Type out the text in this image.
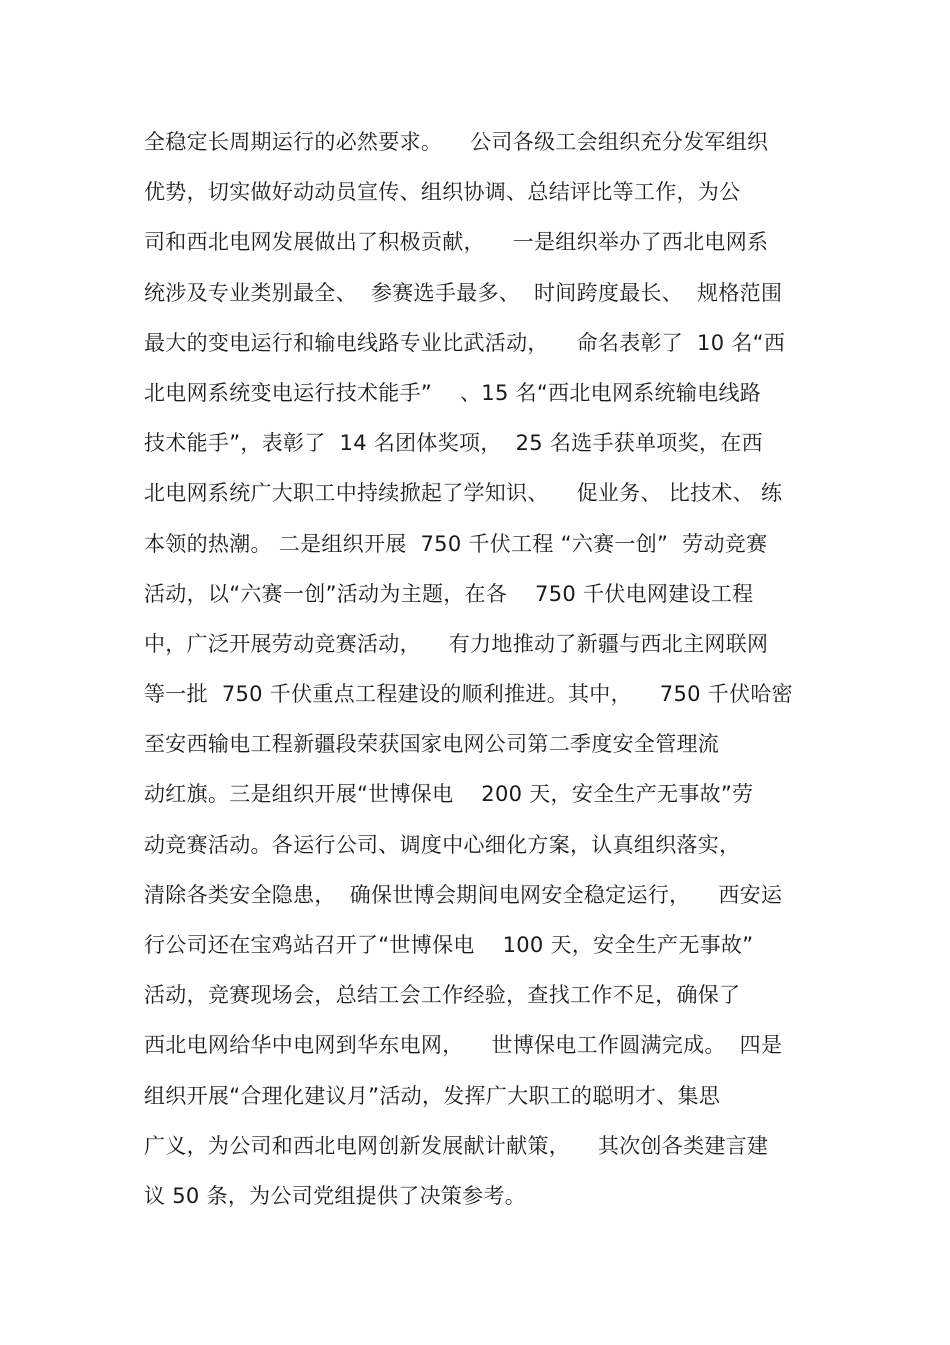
全稳定长周期运行的必然要求。    公司各级工会组织充分发军组织
优势，切实做好动动员宣传、组织协调、总结评比等工作，为公
司和西北电网发展做出了积极贡献，    一是组织举办了西北电网系
统涉及专业类别最全、  参赛选手最多、  时间跨度最长、  规格范围
最大的变电运行和输电线路专业比武活动，    命名表彰了  10 名“西
北电网系统变电运行技术能手”    、15 名“西北电网系统输电线路
技术能手”，表彰了  14 名团体奖项，  25 名选手获单项奖，在西
北电网系统广大职工中持续掀起了学知识、    促业务、 比技术、 练
本领的热潮。 二是组织开展  750 千伏工程 “六赛一创”  劳动竞赛
活动，以“六赛一创”活动为主题，在各    750 千伏电网建设工程
中，广泛开展劳动竞赛活动，    有力地推动了新疆与西北主网联网
等一批  750 千伏重点工程建设的顺利推进。其中，    750 千伏哈密
至安西输电工程新疆段荣获国家电网公司第二季度安全管理流
动红旗。三是组织开展“世博保电    200 天，安全生产无事故”劳
动竞赛活动。各运行公司、调度中心细化方案，认真组织落实，
清除各类安全隐患，  确保世博会期间电网安全稳定运行，    西安运
行公司还在宝鸡站召开了“世博保电    100 天，安全生产无事故”
活动，竞赛现场会，总结工会工作经验，查找工作不足，确保了
西北电网给华中电网到华东电网，    世博保电工作圆满完成。  四是
组织开展“合理化建议月”活动，发挥广大职工的聪明才、集思
广义，为公司和西北电网创新发展献计献策，    其次创各类建言建
议 50 条，为公司党组提供了决策参考。
